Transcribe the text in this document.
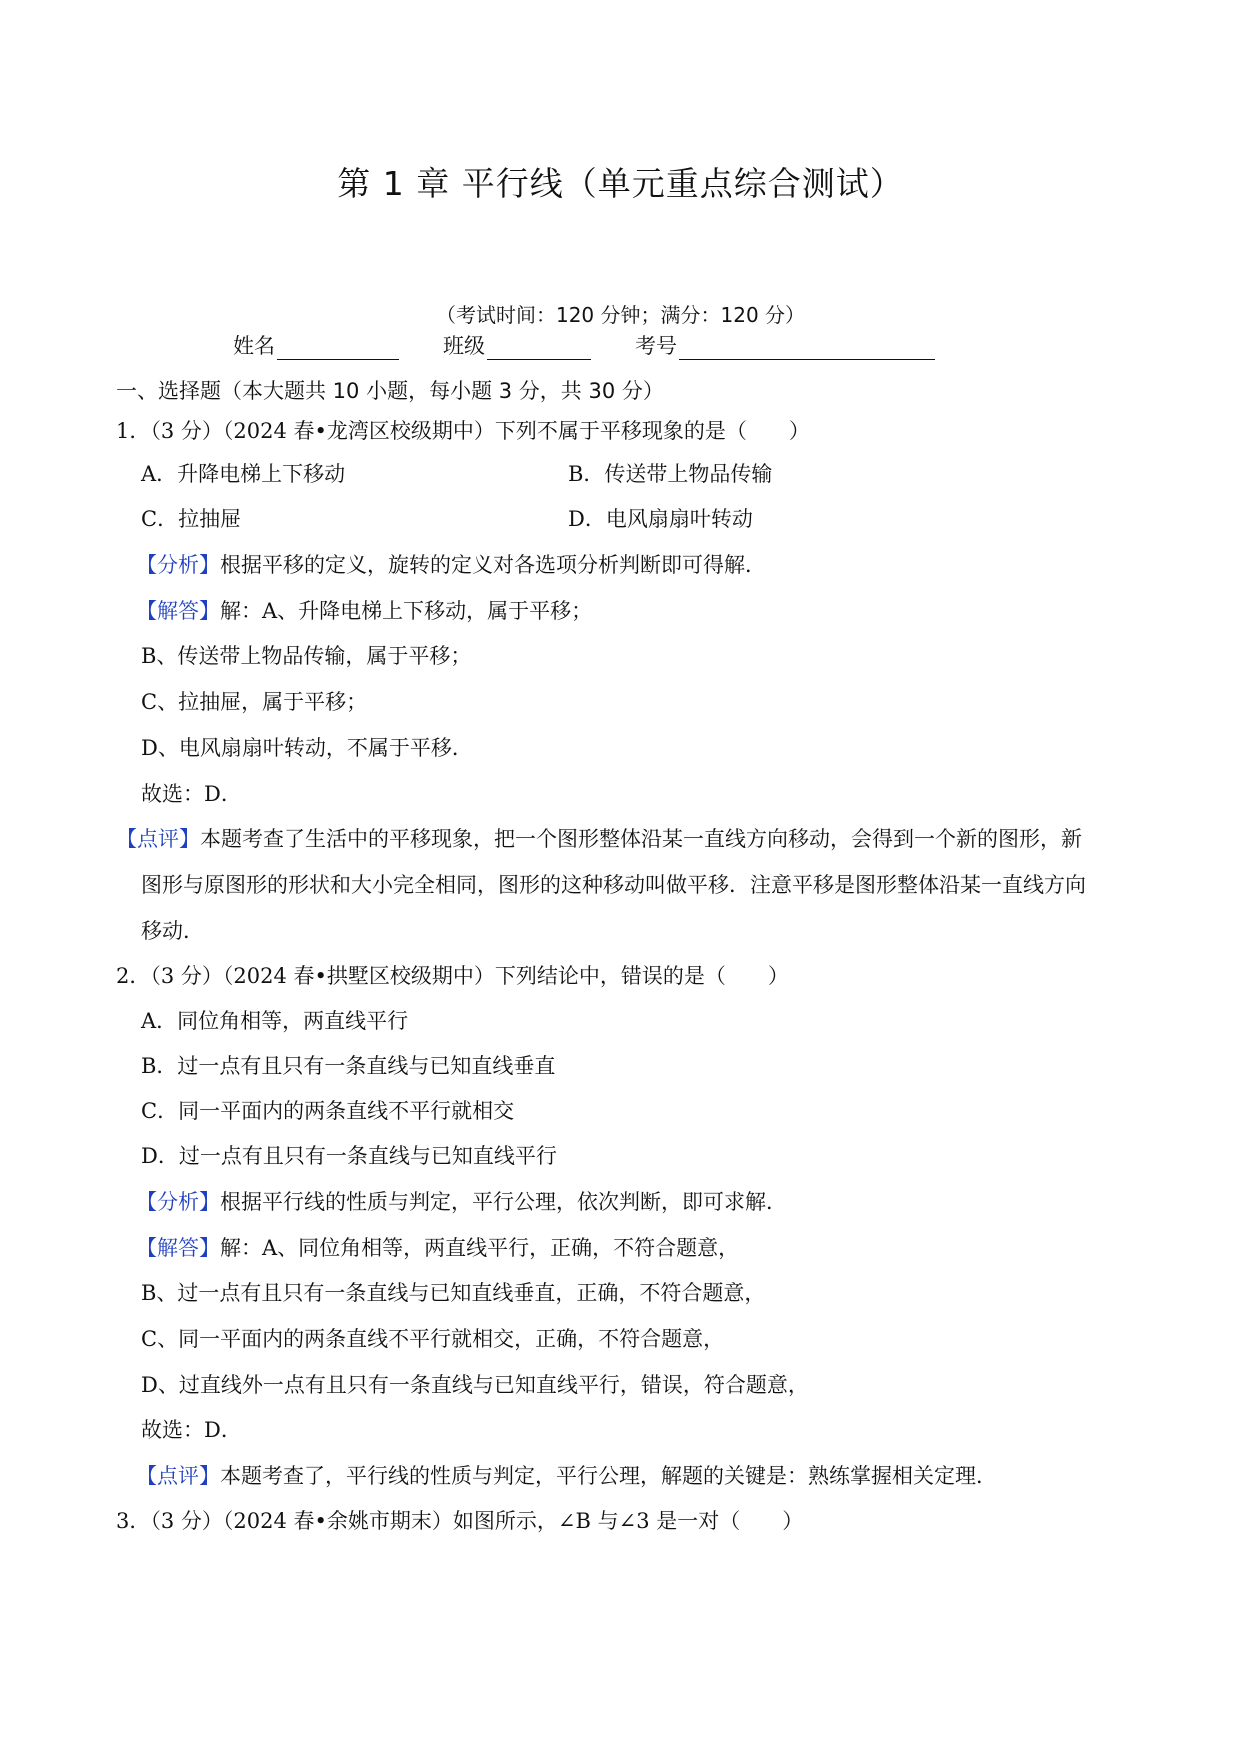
第 1 章 平行线（单元重点综合测试）
（考试时间：120 分钟；满分：120 分）
姓名	班级	考号
一、选择题（本大题共 10 小题，每小题 3 分，共 30 分）
1．（3 分）（2024 春•龙湾区校级期中）下列不属于平移现象的是（　　）
A．升降电梯上下移动	B．传送带上物品传输
C．拉抽屉	D．电风扇扇叶转动
【分析】根据平移的定义，旋转的定义对各选项分析判断即可得解．
【解答】解：A、升降电梯上下移动，属于平移；
B、传送带上物品传输，属于平移；
C、拉抽屉，属于平移；
D、电风扇扇叶转动，不属于平移．
故选：D．
【点评】本题考查了生活中的平移现象，把一个图形整体沿某一直线方向移动，会得到一个新的图形，新
图形与原图形的形状和大小完全相同，图形的这种移动叫做平移．注意平移是图形整体沿某一直线方向
移动．
2．（3 分）（2024 春•拱墅区校级期中）下列结论中，错误的是（　　）
A．同位角相等，两直线平行
B．过一点有且只有一条直线与已知直线垂直
C．同一平面内的两条直线不平行就相交
D．过一点有且只有一条直线与已知直线平行
【分析】根据平行线的性质与判定，平行公理，依次判断，即可求解．
【解答】解：A、同位角相等，两直线平行，正确，不符合题意，
B、过一点有且只有一条直线与已知直线垂直，正确，不符合题意，
C、同一平面内的两条直线不平行就相交，正确，不符合题意，
D、过直线外一点有且只有一条直线与已知直线平行，错误，符合题意，
故选：D．
【点评】本题考查了，平行线的性质与判定，平行公理，解题的关键是：熟练掌握相关定理．
3．（3 分）（2024 春•余姚市期末）如图所示，∠B 与∠3 是一对（　　）
